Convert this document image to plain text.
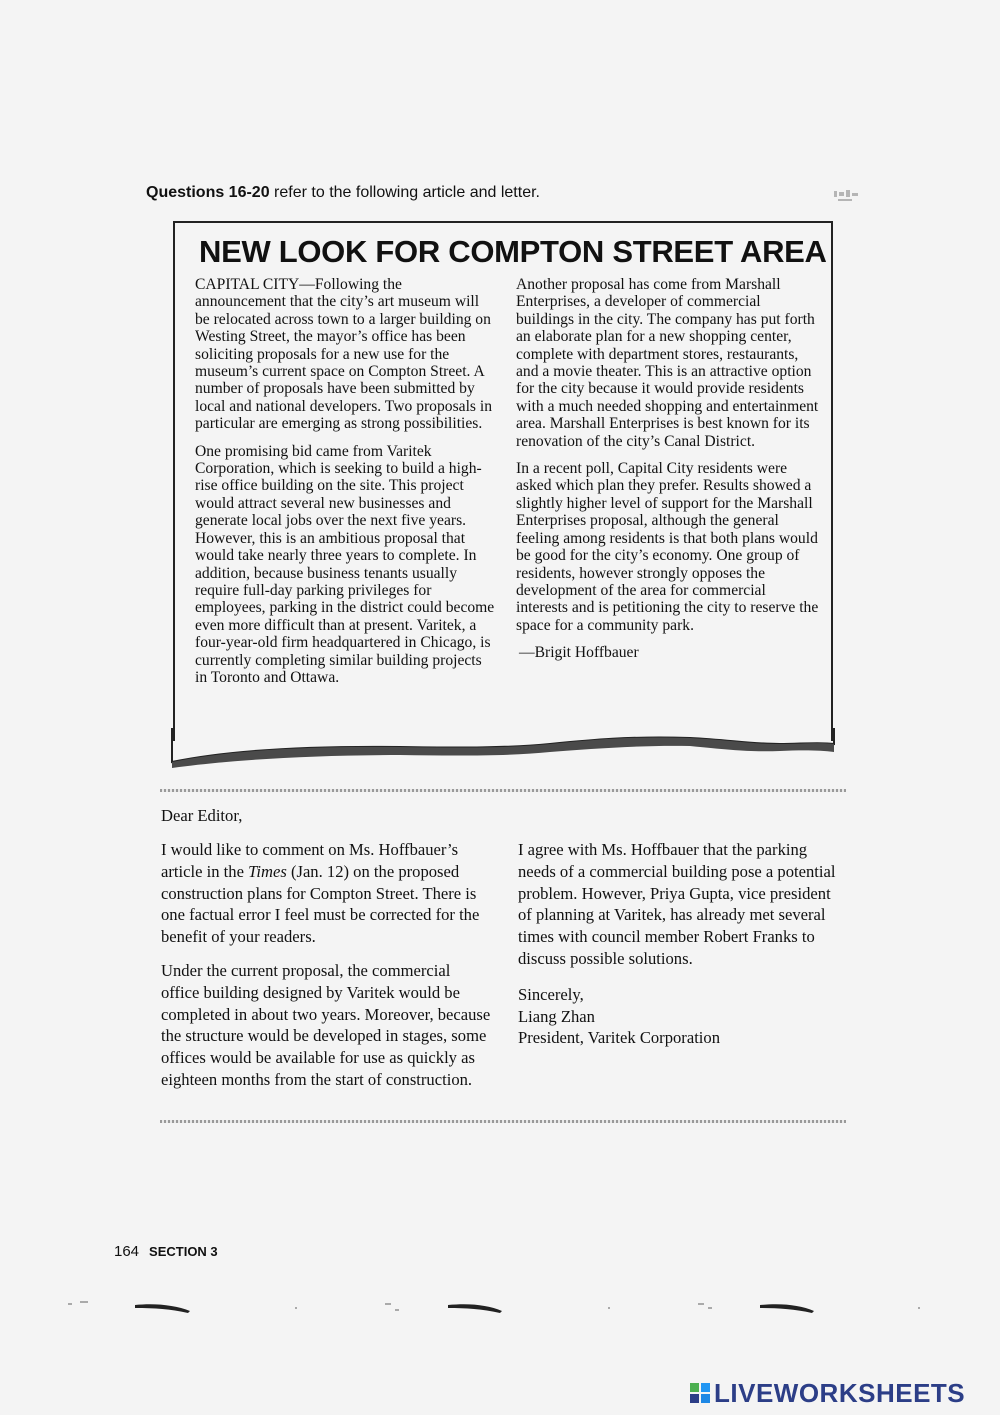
Questions 16-20 refer to the following article and letter.
NEW LOOK FOR COMPTON STREET AREA

CAPITAL CITY—Following the announcement that the city’s art museum will be relocated across town to a larger building on Westing Street, the mayor’s office has been soliciting proposals for a new use for the museum’s current space on Compton Street. A number of proposals have been submitted by local and national developers. Two proposals in particular are emerging as strong possibilities.

One promising bid came from Varitek Corporation, which is seeking to build a high-rise office building on the site. This project would attract several new businesses and generate local jobs over the next five years. However, this is an ambitious proposal that would take nearly three years to complete. In addition, because business tenants usually require full-day parking privileges for employees, parking in the district could become even more difficult than at present. Varitek, a four-year-old firm headquartered in Chicago, is currently completing similar building projects in Toronto and Ottawa.

Another proposal has come from Marshall Enterprises, a developer of commercial buildings in the city. The company has put forth an elaborate plan for a new shopping center, complete with department stores, restaurants, and a movie theater. This is an attractive option for the city because it would provide residents with a much needed shopping and entertainment area. Marshall Enterprises is best known for its renovation of the city’s Canal District.

In a recent poll, Capital City residents were asked which plan they prefer. Results showed a slightly higher level of support for the Marshall Enterprises proposal, although the general feeling among residents is that both plans would be good for the city’s economy. One group of residents, however strongly opposes the development of the area for commercial interests and is petitioning the city to reserve the space for a community park.

—Brigit Hoffbauer

Dear Editor,

I would like to comment on Ms. Hoffbauer’s article in the Times (Jan. 12) on the proposed construction plans for Compton Street. There is one factual error I feel must be corrected for the benefit of your readers.

Under the current proposal, the commercial office building designed by Varitek would be completed in about two years. Moreover, because the structure would be developed in stages, some offices would be available for use as quickly as eighteen months from the start of construction.

I agree with Ms. Hoffbauer that the parking needs of a commercial building pose a potential problem. However, Priya Gupta, vice president of planning at Varitek, has already met several times with council member Robert Franks to discuss possible solutions.

Sincerely,
Liang Zhan
President, Varitek Corporation

164 SECTION 3
LIVEWORKSHEETS
